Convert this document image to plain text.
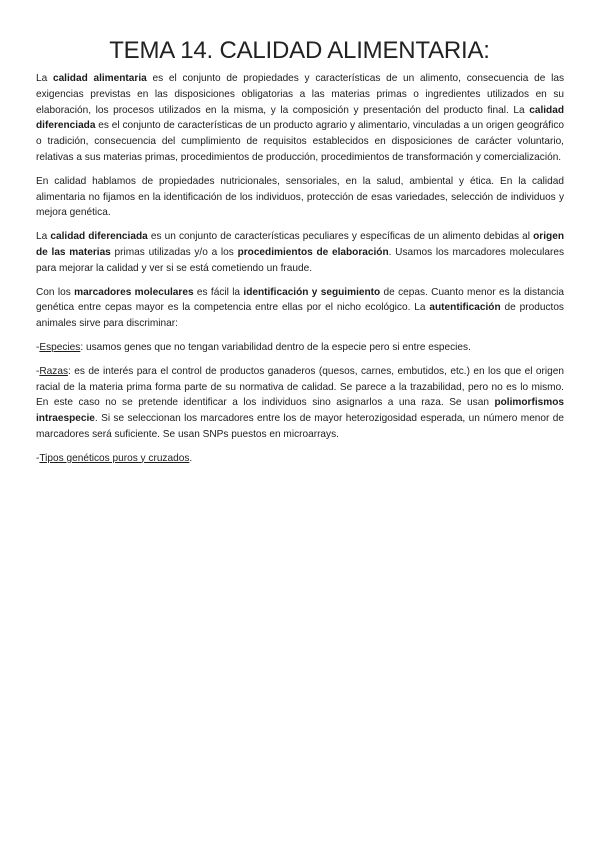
TEMA 14. CALIDAD ALIMENTARIA:

La calidad alimentaria es el conjunto de propiedades y características de un alimento, consecuencia de las exigencias previstas en las disposiciones obligatorias a las materias primas o ingredientes utilizados en su elaboración, los procesos utilizados en la misma, y la composición y presentación del producto final. La calidad diferenciada es el conjunto de características de un producto agrario y alimentario, vinculadas a un origen geográfico o tradición, consecuencia del cumplimiento de requisitos establecidos en disposiciones de carácter voluntario, relativas a sus materias primas, procedimientos de producción, procedimientos de transformación y comercialización.

En calidad hablamos de propiedades nutricionales, sensoriales, en la salud, ambiental y ética. En la calidad alimentaria no fijamos en la identificación de los individuos, protección de esas variedades, selección de individuos y mejora genética.

La calidad diferenciada es un conjunto de características peculiares y específicas de un alimento debidas al origen de las materias primas utilizadas y/o a los procedimientos de elaboración. Usamos los marcadores moleculares para mejorar la calidad y ver si se está cometiendo un fraude.

Con los marcadores moleculares es fácil la identificación y seguimiento de cepas. Cuanto menor es la distancia genética entre cepas mayor es la competencia entre ellas por el nicho ecológico. La autentificación de productos animales sirve para discriminar:

-Especies: usamos genes que no tengan variabilidad dentro de la especie pero si entre especies.

-Razas: es de interés para el control de productos ganaderos (quesos, carnes, embutidos, etc.) en los que el origen racial de la materia prima forma parte de su normativa de calidad. Se parece a la trazabilidad, pero no es lo mismo. En este caso no se pretende identificar a los individuos sino asignarlos a una raza. Se usan polimorfismos intraespecie. Si se seleccionan los marcadores entre los de mayor heterozigosidad esperada, un número menor de marcadores será suficiente. Se usan SNPs puestos en microarrays.

-Tipos genéticos puros y cruzados.
